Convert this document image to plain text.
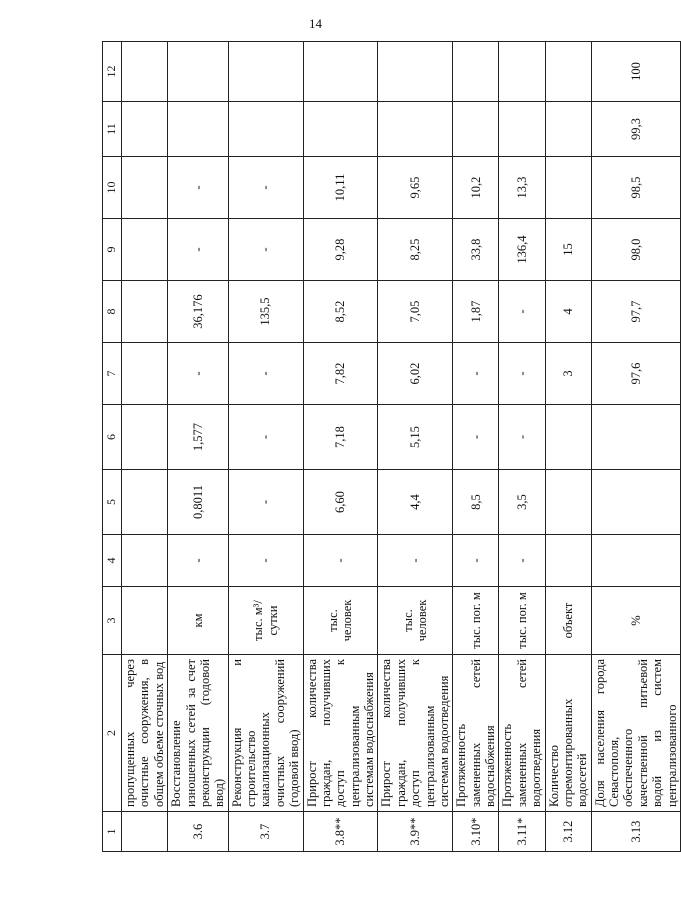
14
1	2	3	4	5	6	7	8	9	10	11	12
	пропущенных через очистные сооружения, в общем объеме сточных вод										
3.6	Восстановление изношенных сетей за счет реконструкции (годовой ввод)	км	-	0,8011	1,577	-	36,176	-	-		
3.7	Реконструкция и строительство канализационных очистных сооружений (годовой ввод)	тыс. м³/ сутки	-	-	-	-	135,5	-	-		
3.8**	Прирост количества граждан, получивших доступ к централизованным системам водоснабжения	тыс. человек	-	6,60	7,18	7,82	8,52	9,28	10,11		
3.9**	Прирост количества граждан, получивших доступ к централизованным системам водоотведения	тыс. человек	-	4,4	5,15	6,02	7,05	8,25	9,65		
3.10*	Протяженность замененных сетей водоснабжения	тыс. пог. м	-	8,5	-	-	1,87	33,8	10,2		
3.11*	Протяженность замененных сетей водоотведения	тыс. пог. м	-	3,5	-	-	-	136,4	13,3		
3.12	Количество отремонтированных водосетей	объект				3	4	15			
3.13	Доля населения города Севастополя, обеспеченного качественной питьевой водой из систем централизованного	%				97,6	97,7	98,0	98,5	99,3	100
